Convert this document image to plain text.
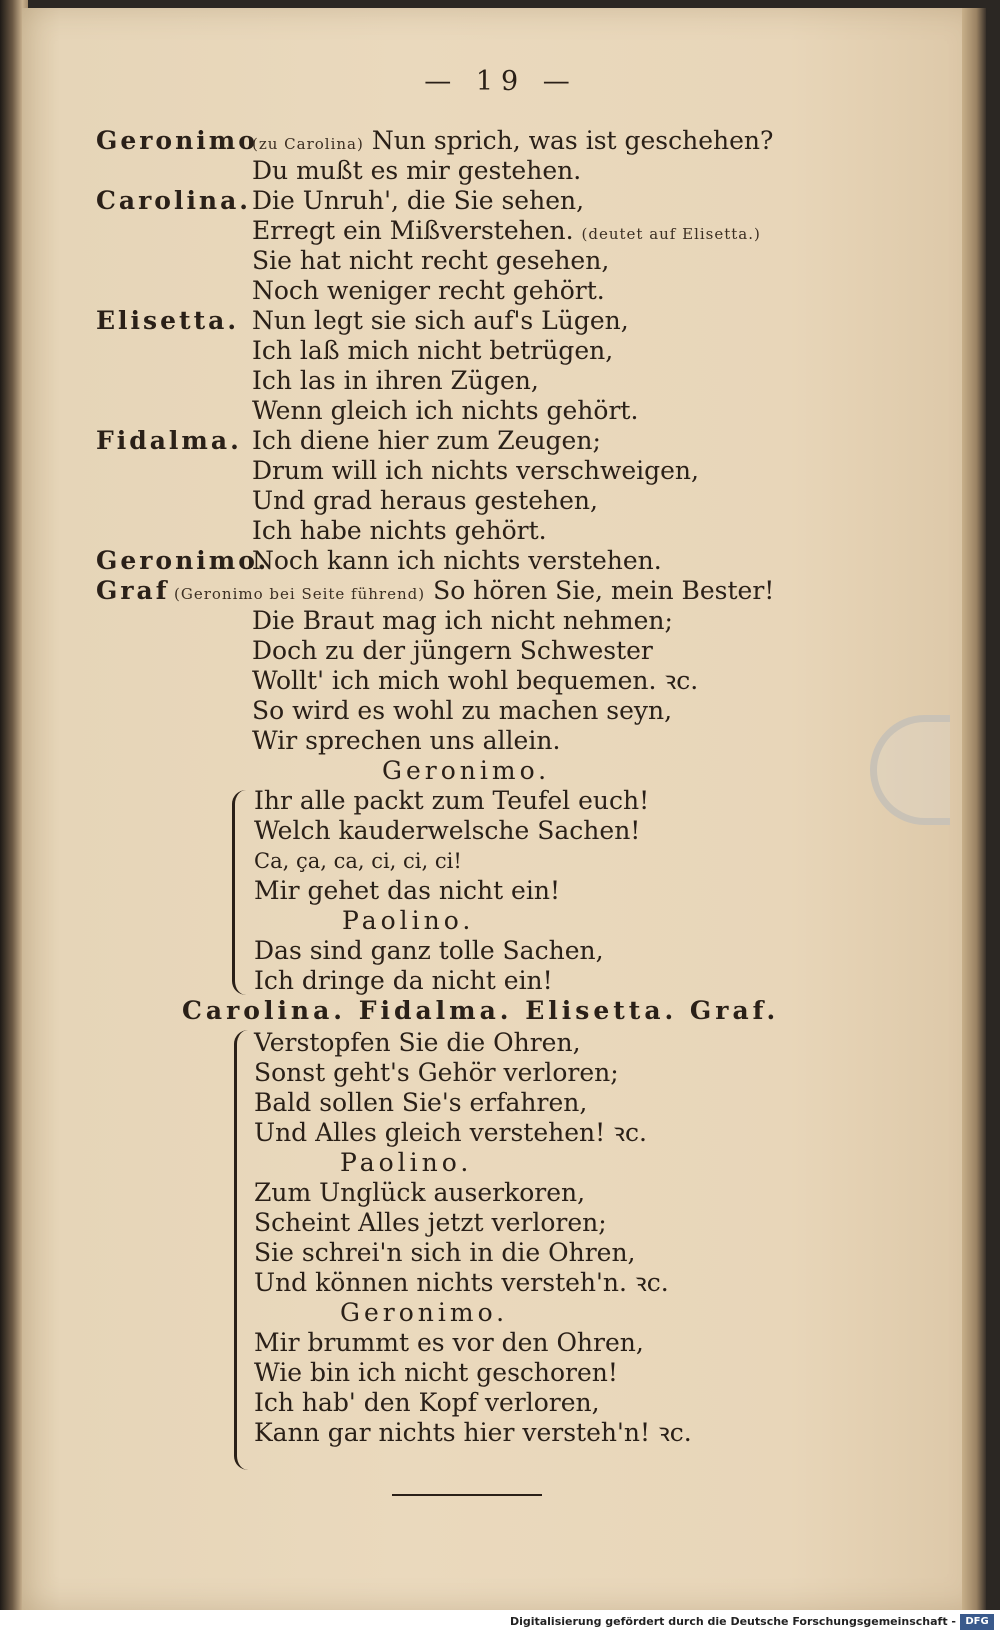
— 19 —
Geronimo
(zu Carolina) Nun sprich, was ist geschehen?
Du mußt es mir gestehen.
Carolina. Die Unruh', die Sie sehen,
Erregt ein Mißverstehen. (deutet auf Elisetta.)
Sie hat nicht recht gesehen,
Noch weniger recht gehört.
Elisetta. Nun legt sie sich auf's Lügen,
Ich laß mich nicht betrügen,
Ich las in ihren Zügen,
Wenn gleich ich nichts gehört.
Fidalma. Ich diene hier zum Zeugen;
Drum will ich nichts verschweigen,
Und grad heraus gestehen,
Ich habe nichts gehört.
Geronimo.
Noch kann ich nichts verstehen.
Graf (Geronimo bei Seite führend) So hören Sie, mein Bester!
Die Braut mag ich nicht nehmen;
Doch zu der jüngern Schwester
Wollt' ich mich wohl bequemen. ꝛc.
So wird es wohl zu machen seyn,
Wir sprechen uns allein.
Geronimo.
Ihr alle packt zum Teufel euch!
Welch kauderwelsche Sachen!
Ca, ça, ca, ci, ci, ci!
Mir gehet das nicht ein!
Paolino.
Das sind ganz tolle Sachen,
Ich dringe da nicht ein!
Carolina. Fidalma. Elisetta. Graf.
Verstopfen Sie die Ohren,
Sonst geht's Gehör verloren;
Bald sollen Sie's erfahren,
Und Alles gleich verstehen! ꝛc.
Paolino.
Zum Unglück auserkoren,
Scheint Alles jetzt verloren;
Sie schrei'n sich in die Ohren,
Und können nichts versteh'n. ꝛc.
Geronimo.
Mir brummt es vor den Ohren,
Wie bin ich nicht geschoren!
Ich hab' den Kopf verloren,
Kann gar nichts hier versteh'n! ꝛc.
Digitalisierung gefördert durch die Deutsche Forschungsgemeinschaft - DFG
